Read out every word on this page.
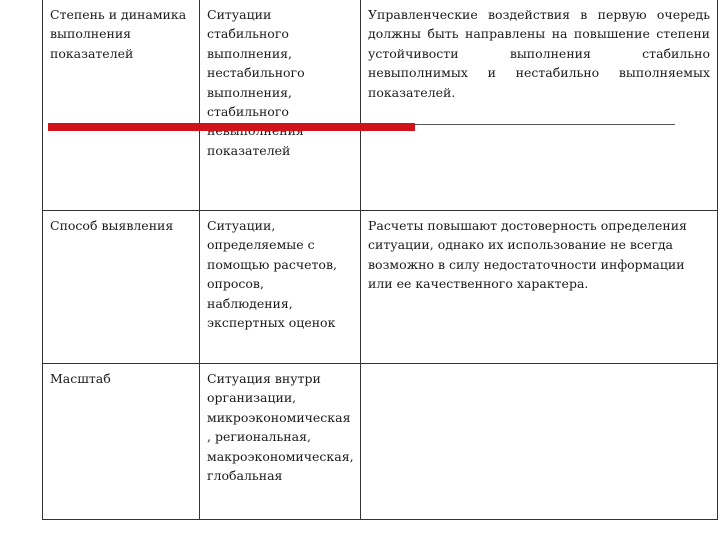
Степень и динамика выполнения показателей
Ситуации стабильного выполнения, нестабильного выполнения, стабильного показателей
Управленческие воздействия в первую очередь должны быть направлены на повышение степени устойчивости выполнения стабильно невыполнимых и нестабильно выполняемых показателей.
Способ выявления	Ситуации, определяемые с помощью расчетов, опросов, наблюдения, экспертных оценок
Расчеты повышают достоверность определения ситуации, однако их использование не всегда возможно в силу недостаточности информации или ее качественного характера.
Масштаб	Ситуация внутри организации, микроэкономическая , региональная, макроэкономическая, глобальная
